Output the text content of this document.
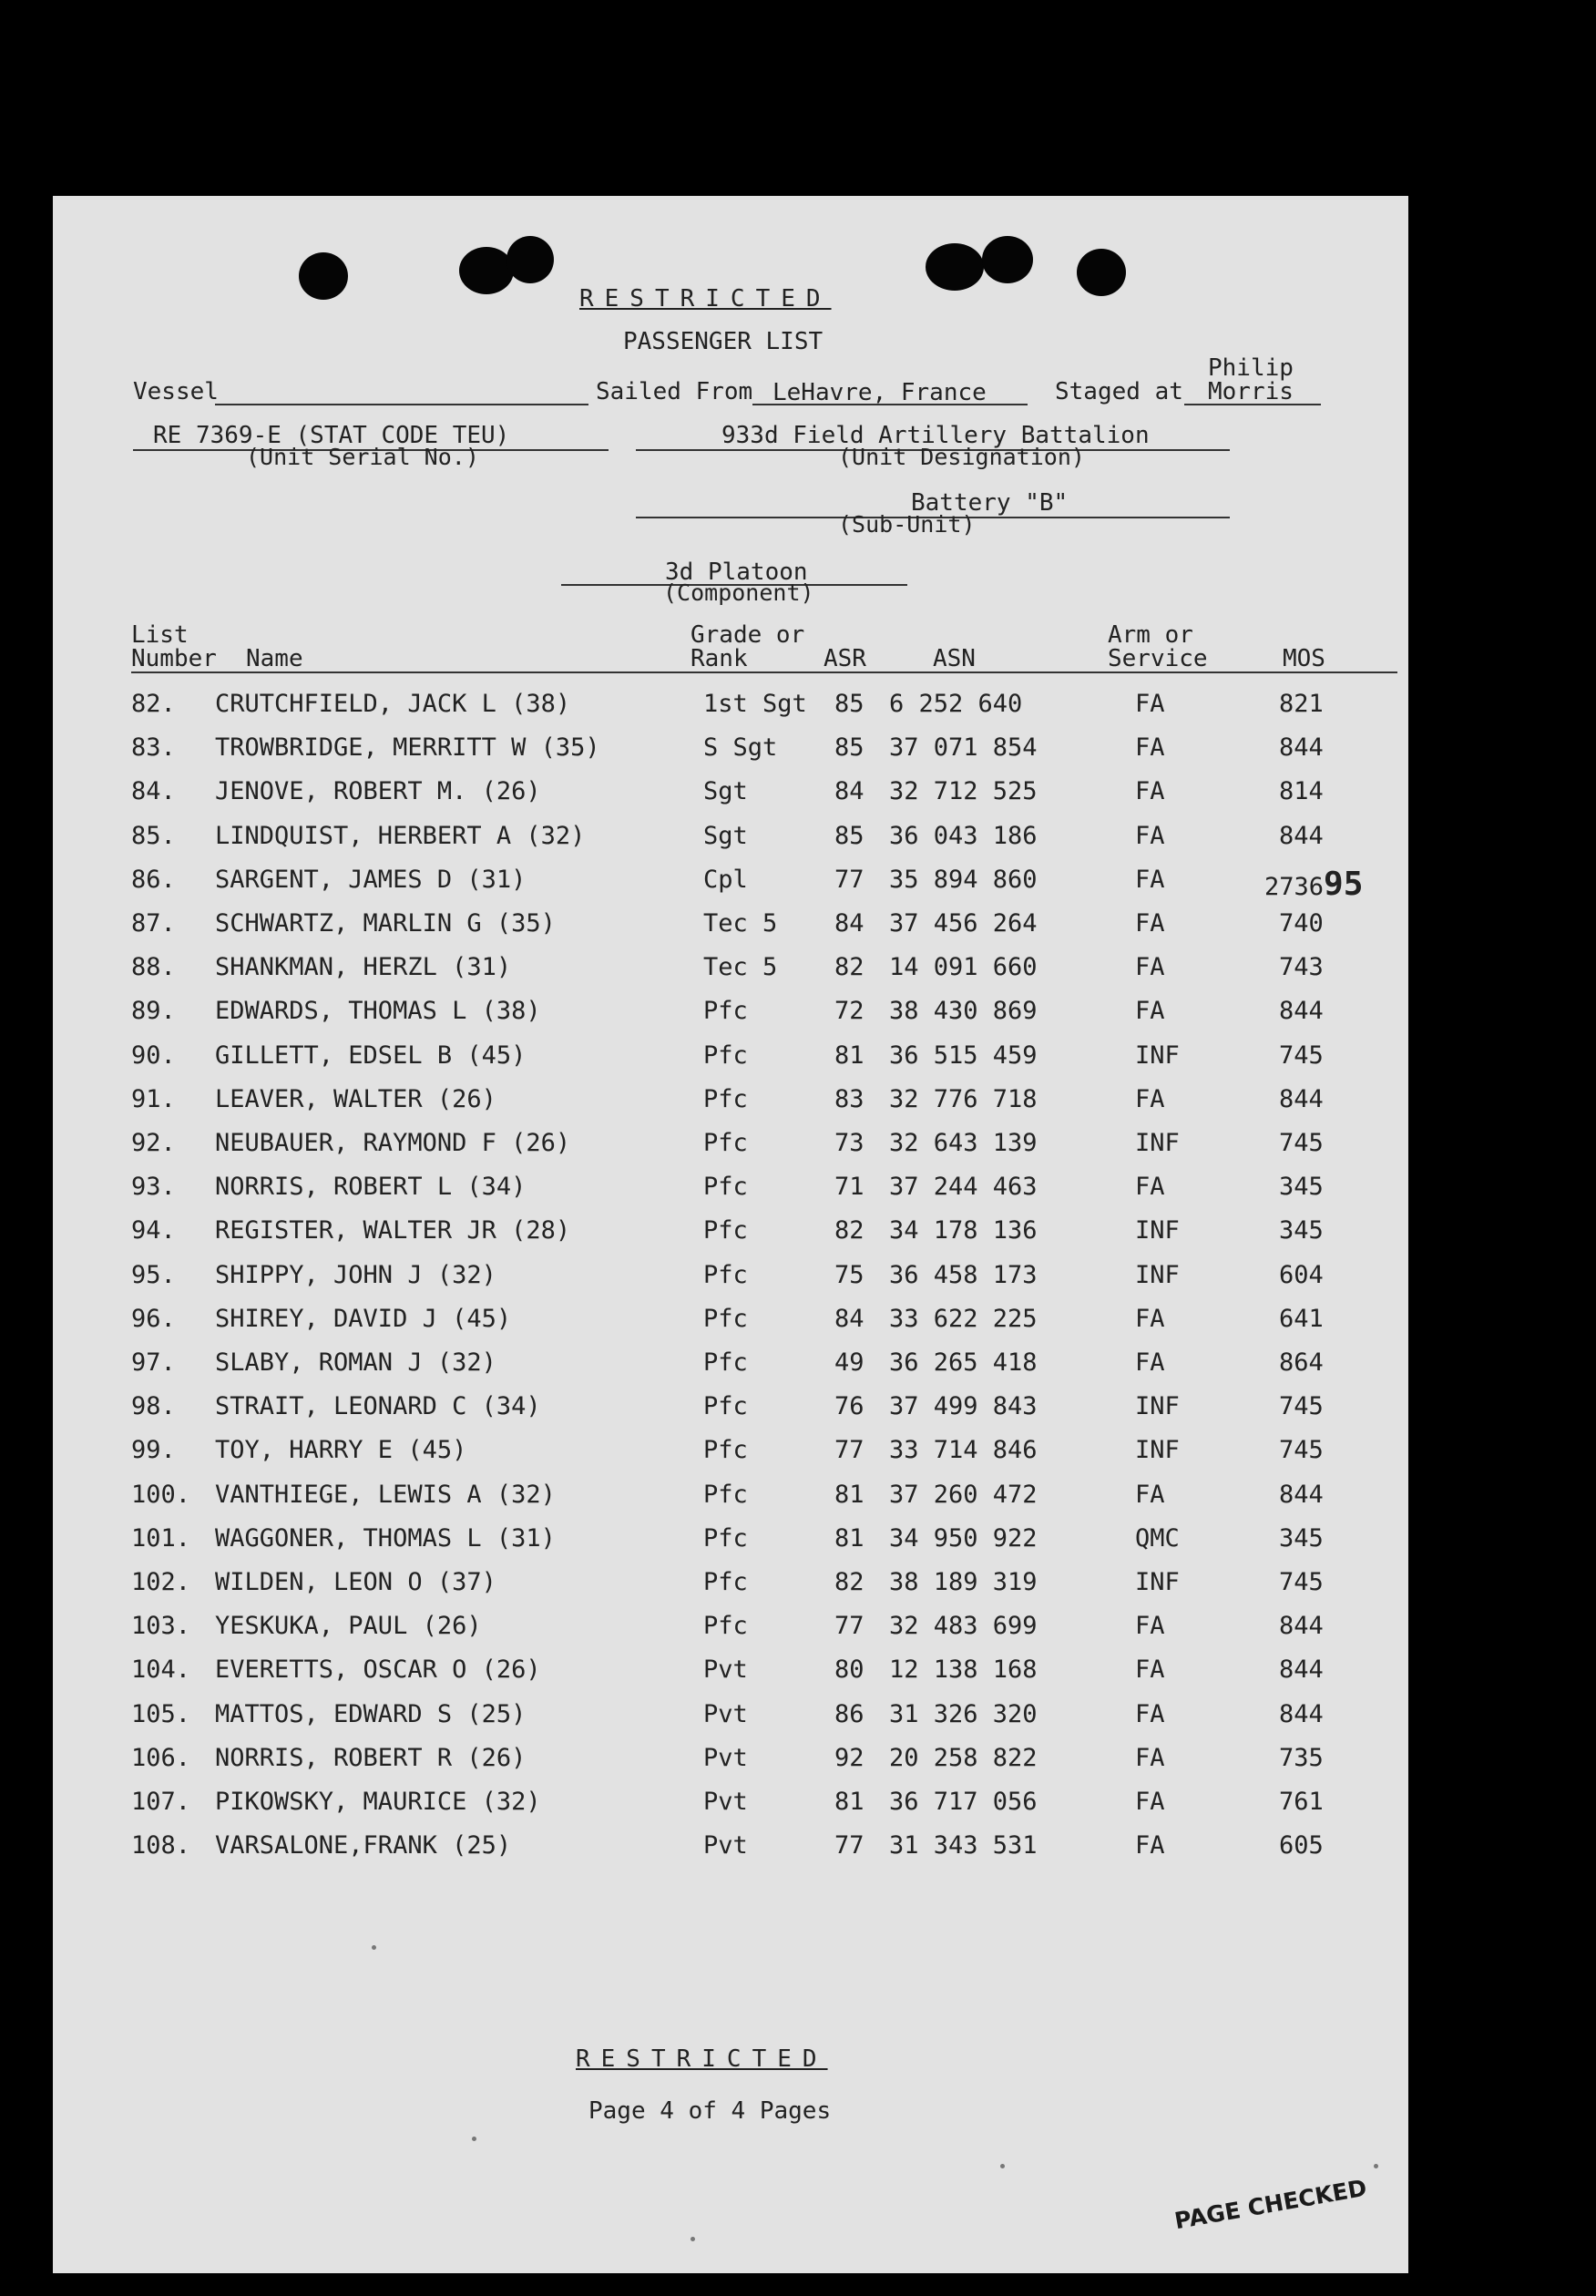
RESTRICTED
PASSENGER LIST
Vessel	Sailed From LeHavre, France	Staged at
Philip
Morris
RE 7369-E (STAT CODE TEU)
(Unit Serial No.)
933d Field Artillery Battalion
(Unit Designation)
Battery "B"
(Sub-Unit)
3d Platoon
(Component)
List
Number Name
Grade or
Rank	ASR	ASN
Arm or
Service	MOS
82. CRUTCHFIELD, JACK L (38)	1st Sgt 85 6 252 640	FA	821
83. TROWBRIDGE, MERRITT W (35)	S Sgt 85 37 071 854	FA	844
84. JENOVE, ROBERT M. (26)	Sgt	84 32 712 525	FA	814
85. LINDQUIST, HERBERT A (32)	Sgt	85 36 043 186	FA	844
86. SARGENT, JAMES D (31)	Cpl	77 35 894 860	FA	273695
87. SCHWARTZ, MARLIN G (35)	Tec 5 84 37 456 264	FA	740
88. SHANKMAN, HERZL (31)	Tec 5 82 14 091 660	FA	743
89. EDWARDS, THOMAS L (38)	Pfc	72 38 430 869	FA	844
90. GILLETT, EDSEL B (45)	Pfc	81 36 515 459	INF	745
91. LEAVER, WALTER (26)	Pfc	83 32 776 718	FA	844
92. NEUBAUER, RAYMOND F (26)	Pfc	73 32 643 139	INF	745
93. NORRIS, ROBERT L (34)	Pfc	71 37 244 463	FA	345
94. REGISTER, WALTER JR (28)	Pfc	82 34 178 136	INF	345
95. SHIPPY, JOHN J (32)	Pfc	75 36 458 173	INF	604
96. SHIREY, DAVID J (45)	Pfc	84 33 622 225	FA	641
97. SLABY, ROMAN J (32)	Pfc	49 36 265 418	FA	864
98. STRAIT, LEONARD C (34)	Pfc	76 37 499 843	INF	745
99. TOY, HARRY E (45)	Pfc	77 33 714 846	INF	745
100. VANTHIEGE, LEWIS A (32)	Pfc	81 37 260 472	FA	844
101. WAGGONER, THOMAS L (31)	Pfc	81 34 950 922	QMC	345
102. WILDEN, LEON O (37)	Pfc	82 38 189 319	INF	745
103. YESKUKA, PAUL (26)	Pfc	77 32 483 699	FA	844
104. EVERETTS, OSCAR O (26)	Pvt	80 12 138 168	FA	844
105. MATTOS, EDWARD S (25)	Pvt	86 31 326 320	FA	844
106. NORRIS, ROBERT R (26)	Pvt	92 20 258 822	FA	735
107. PIKOWSKY, MAURICE (32)	Pvt	81 36 717 056	FA	761
108. VARSALONE,FRANK (25)	Pvt	77 31 343 531	FA	605
RESTRICTED
Page 4 of 4 Pages
PAGE CHECKED
